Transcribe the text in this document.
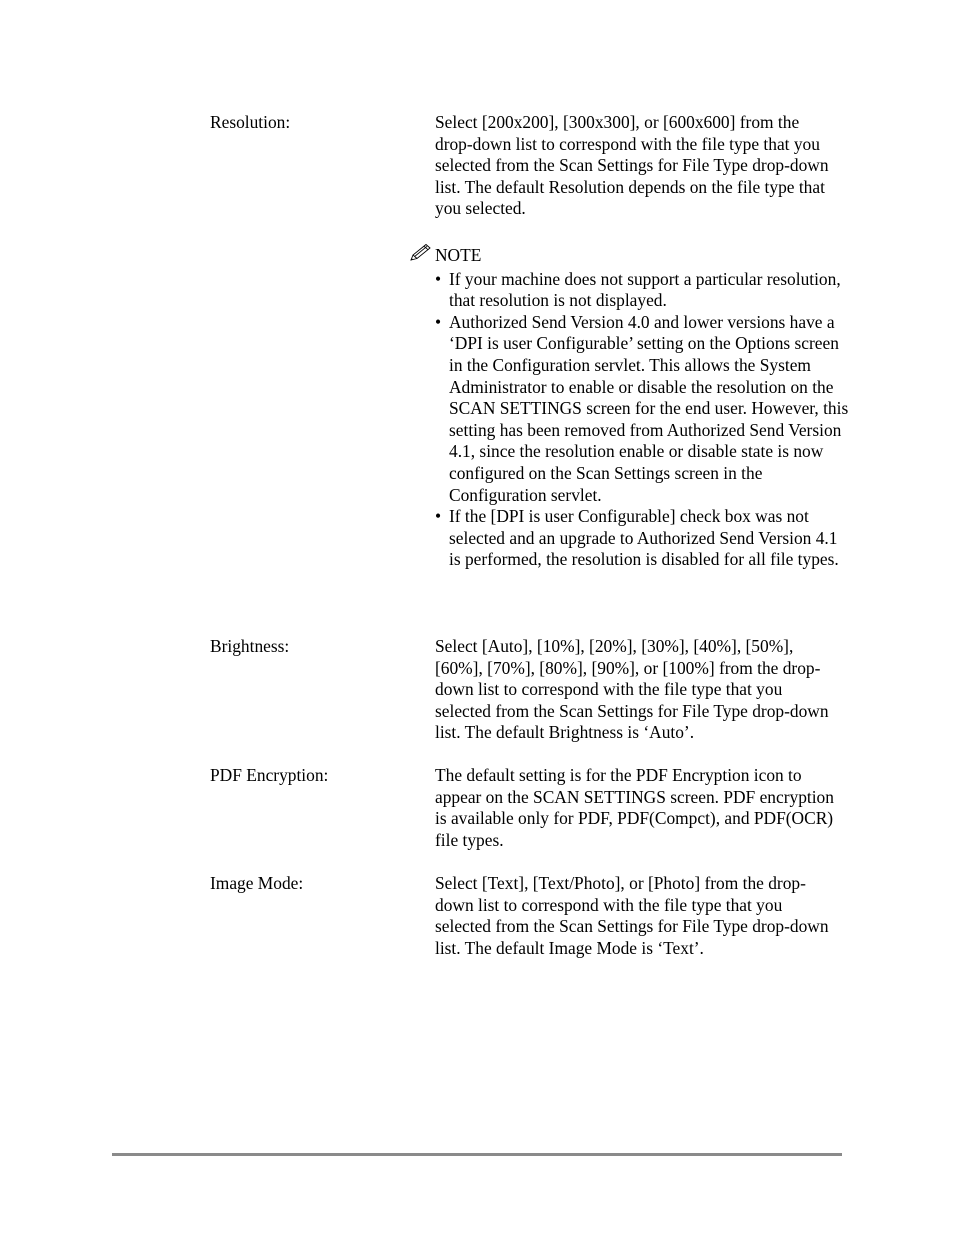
Resolution:	Select [200x200], [300x300], or [600x600] from the drop-down list to correspond with the file type that you selected from the Scan Settings for File Type drop-down list. The default Resolution depends on the file type that you selected.
NOTE
• If your machine does not support a particular resolution, that resolution is not displayed.
• Authorized Send Version 4.0 and lower versions have a ‘DPI is user Configurable’ setting on the Options screen in the Configuration servlet. This allows the System Administrator to enable or disable the resolution on the SCAN SETTINGS screen for the end user. However, this setting has been removed from Authorized Send Version 4.1, since the resolution enable or disable state is now configured on the Scan Settings screen in the Configuration servlet.
• If the [DPI is user Configurable] check box was not selected and an upgrade to Authorized Send Version 4.1 is performed, the resolution is disabled for all file types.
Brightness:	Select [Auto], [10%], [20%], [30%], [40%], [50%], [60%], [70%], [80%], [90%], or [100%] from the drop-down list to correspond with the file type that you selected from the Scan Settings for File Type drop-down list. The default Brightness is ‘Auto’.
PDF Encryption:	The default setting is for the PDF Encryption icon to appear on the SCAN SETTINGS screen. PDF encryption is available only for PDF, PDF(Compct), and PDF(OCR) file types.
Image Mode:	Select [Text], [Text/Photo], or [Photo] from the drop-down list to correspond with the file type that you selected from the Scan Settings for File Type drop-down list. The default Image Mode is ‘Text’.
